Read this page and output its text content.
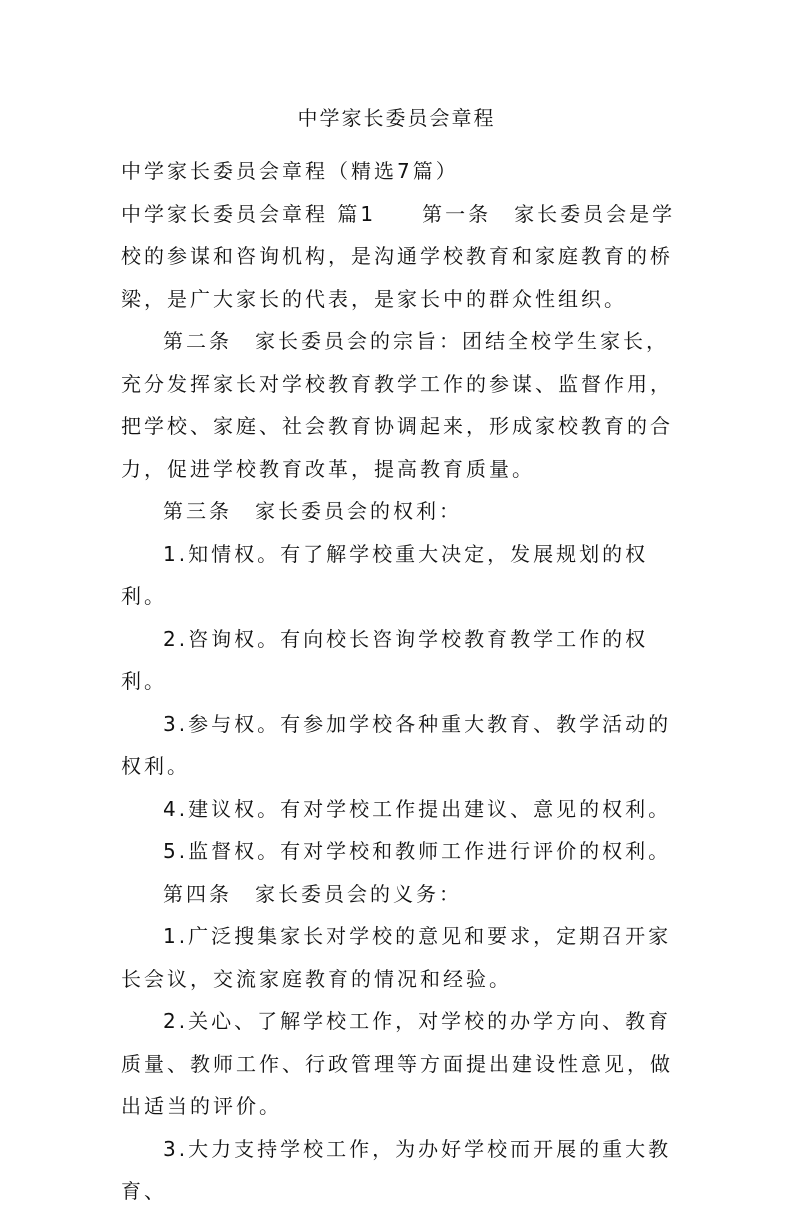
中学家长委员会章程

中学家长委员会章程（精选7篇）

中学家长委员会章程 篇1　　第一条　家长委员会是学校的参谋和咨询机构，是沟通学校教育和家庭教育的桥梁，是广大家长的代表，是家长中的群众性组织。

第二条　家长委员会的宗旨：团结全校学生家长，充分发挥家长对学校教育教学工作的参谋、监督作用，把学校、家庭、社会教育协调起来，形成家校教育的合力，促进学校教育改革，提高教育质量。

第三条　家长委员会的权利：

1.知情权。有了解学校重大决定，发展规划的权利。

2.咨询权。有向校长咨询学校教育教学工作的权利。

3.参与权。有参加学校各种重大教育、教学活动的权利。

4.建议权。有对学校工作提出建议、意见的权利。

5.监督权。有对学校和教师工作进行评价的权利。

第四条　家长委员会的义务：

1.广泛搜集家长对学校的意见和要求，定期召开家长会议，交流家庭教育的情况和经验。

2.关心、了解学校工作，对学校的办学方向、教育质量、教师工作、行政管理等方面提出建设性意见，做出适当的评价。

3.大力支持学校工作，为办好学校而开展的重大教育、
